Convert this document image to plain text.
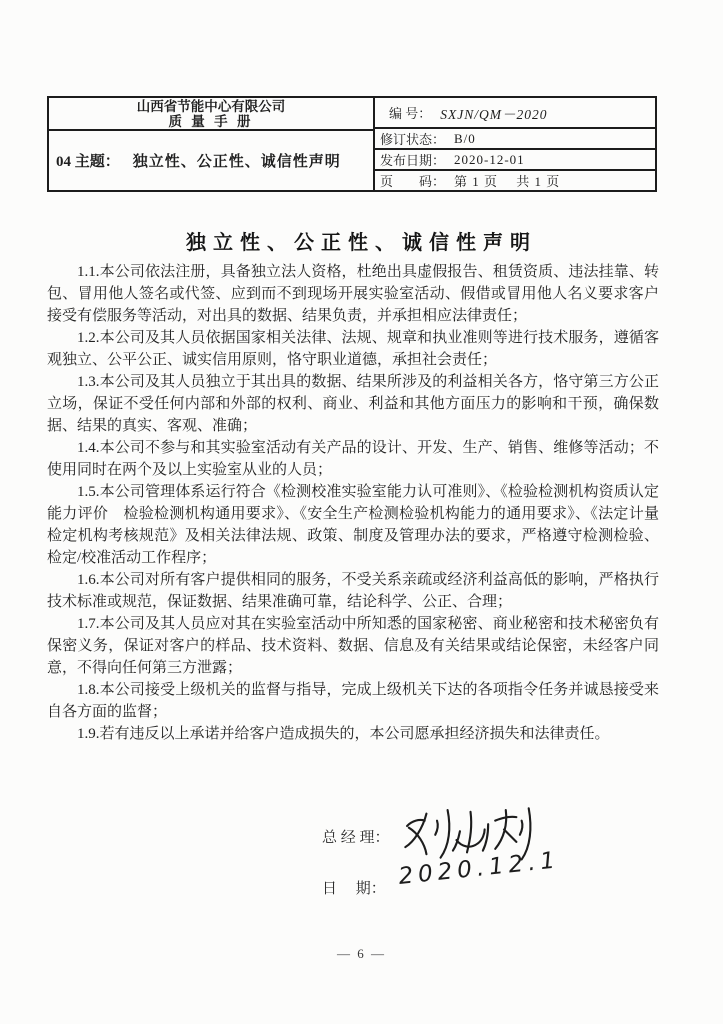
山西省节能中心有限公司
质 量 手 册
04 主题： 独立性、公正性、诚信性声明
编 号： SXJN/QM－2020
修订状态： B/0
发布日期： 2020-12-01
页　　码： 第 1 页　 共 1 页
独立性、公正性、诚信性声明

1.1.本公司依法注册，具备独立法人资格，杜绝出具虚假报告、租赁资质、违法挂靠、转包、冒用他人签名或代签、应到而不到现场开展实验室活动、假借或冒用他人名义要求客户接受有偿服务等活动，对出具的数据、结果负责，并承担相应法律责任；

1.2.本公司及其人员依据国家相关法律、法规、规章和执业准则等进行技术服务，遵循客观独立、公平公正、诚实信用原则，恪守职业道德，承担社会责任；

1.3.本公司及其人员独立于其出具的数据、结果所涉及的利益相关各方，恪守第三方公正立场，保证不受任何内部和外部的权利、商业、利益和其他方面压力的影响和干预，确保数据、结果的真实、客观、准确；

1.4.本公司不参与和其实验室活动有关产品的设计、开发、生产、销售、维修等活动；不使用同时在两个及以上实验室从业的人员；

1.5.本公司管理体系运行符合《检测校准实验室能力认可准则》、《检验检测机构资质认定能力评价　检验检测机构通用要求》、《安全生产检测检验机构能力的通用要求》、《法定计量检定机构考核规范》及相关法律法规、政策、制度及管理办法的要求，严格遵守检测检验、检定/校准活动工作程序；

1.6.本公司对所有客户提供相同的服务，不受关系亲疏或经济利益高低的影响，严格执行技术标准或规范，保证数据、结果准确可靠，结论科学、公正、合理；

1.7.本公司及其人员应对其在实验室活动中所知悉的国家秘密、商业秘密和技术秘密负有保密义务，保证对客户的样品、技术资料、数据、信息及有关结果或结论保密，未经客户同意，不得向任何第三方泄露；

1.8.本公司接受上级机关的监督与指导，完成上级机关下达的各项指令任务并诚恳接受来自各方面的监督；

1.9.若有违反以上承诺并给客户造成损失的，本公司愿承担经济损失和法律责任。

总 经 理：
日　 期： 2020.12.1
— 6 —
